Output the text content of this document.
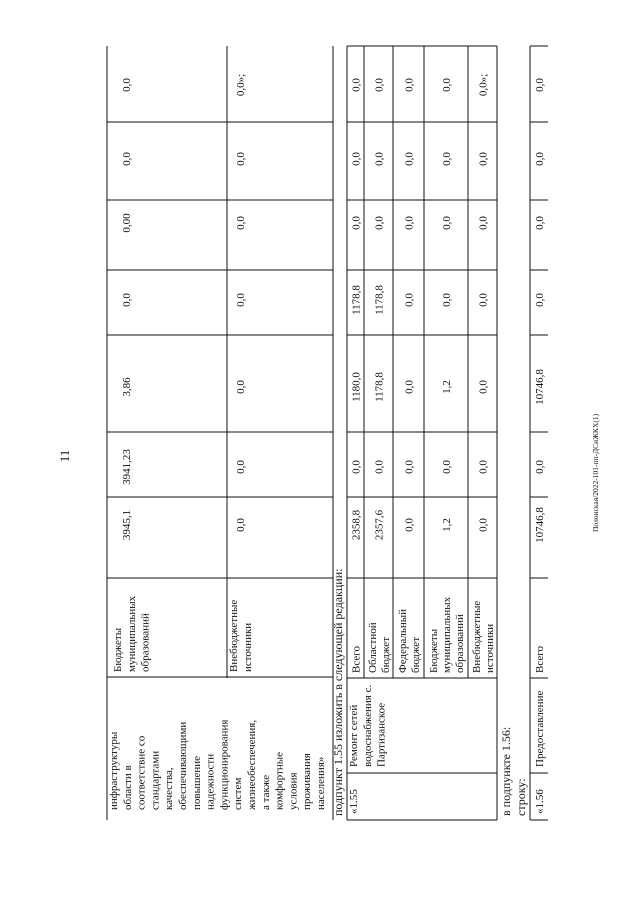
инфраструктуры области в соответствие со стандартами качества, обеспечивающими повышение надежности функционирования систем жизнеобеспечения, а также комфортные условия проживания населения»
Бюджеты муниципальных образований
3945,1
3941,23
3,86
0,0
0,00
0,0
0,0
Внебюджетные источники
0,0
0,0
0,0
0,0
0,0
0,0
0,0»;
подпункт 1.55 изложить в следующей редакции: «1.55
Ремонт сетей водоснабжения с. Партизанское
Всего
2358,8
0,0
1180,0
1178,8
0,0
0,0
0,0
Областной бюджет
2357,6
0,0
1178,8
1178,8
0,0
0,0
0,0
Федеральный бюджет
0,0
0,0
0,0
0,0
0,0
0,0
0,0
Бюджеты муниципальных образований
1,2
0,0
1,2
0,0
0,0
0,0
0,0
Внебюджетные источники
0,0
0,0
0,0
0,0
0,0
0,0
0,0»;
в подпункте 1.56: строку: «1.56
Предоставление
Всего
10746,8
0,0
10746,8
0,0
0,0
0,0
0,0
Полонская/2022-101-пп-ДСиЖКХ(1)
11
